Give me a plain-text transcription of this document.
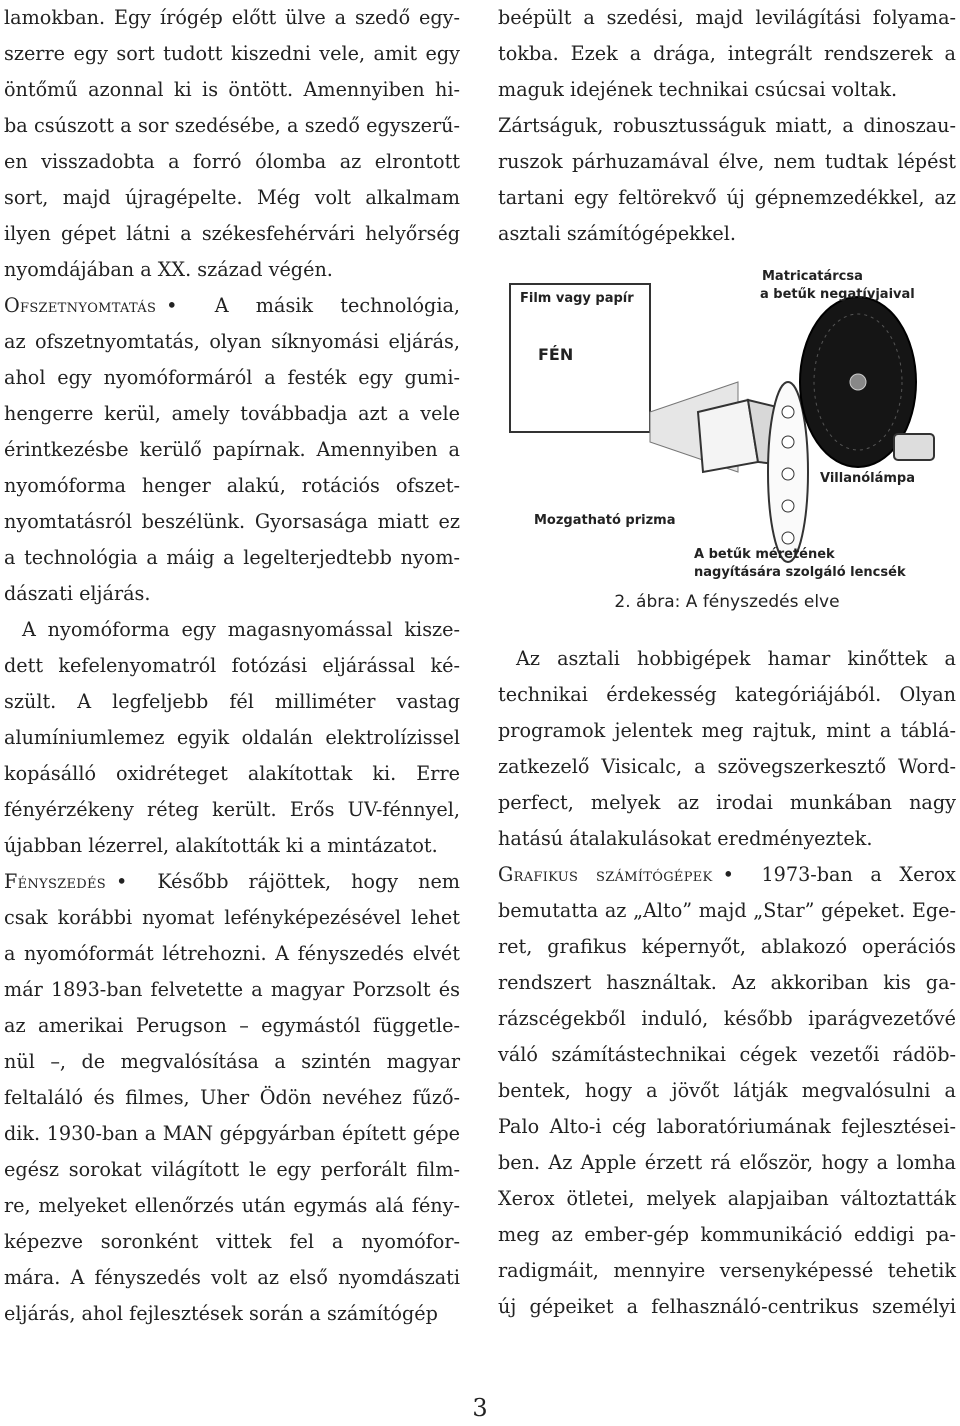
lamokban. Egy írógép előtt ülve a szedő egy-
szerre egy sort tudott kiszedni vele, amit egy
öntőmű azonnal ki is öntött. Amennyiben hi-
ba csúszott a sor szedésébe, a szedő egyszerű-
en visszadobta a forró ólomba az elrontott
sort, majd újragépelte. Még volt alkalmam
ilyen gépet látni a székesfehérvári helyőrség
nyomdájában a XX. század végén.
Ofszetnyomtatás • A másik technológia,
az ofszetnyomtatás, olyan síknyomási eljárás,
ahol egy nyomóformáról a festék egy gumi-
hengerre kerül, amely továbbadja azt a vele
érintkezésbe kerülő papírnak. Amennyiben a
nyomóforma henger alakú, rotációs ofszet-
nyomtatásról beszélünk. Gyorsasága miatt ez
a technológia a máig a legelterjedtebb nyom-
dászati eljárás.
A nyomóforma egy magasnyomással kisze-
dett kefelenyomatról fotózási eljárással ké-
szült. A legfeljebb fél milliméter vastag
alumíniumlemez egyik oldalán elektrolízissel
kopásálló oxidréteget alakítottak ki. Erre
fényérzékeny réteg került. Erős UV-fénnyel,
újabban lézerrel, alakították ki a mintázatot.
Fényszedés • Később rájöttek, hogy nem
csak korábbi nyomat lefényképezésével lehet
a nyomóformát létrehozni. A fényszedés elvét
már 1893-ban felvetette a magyar Porzsolt és
az amerikai Perugson – egymástól függetle-
nül –, de megvalósítása a szintén magyar
feltaláló és filmes, Uher Ödön nevéhez fűző-
dik. 1930-ban a MAN gépgyárban épített gépe
egész sorokat világított le egy perforált film-
re, melyeket ellenőrzés után egymás alá fény-
képezve soronként vittek fel a nyomófor-
mára. A fényszedés volt az első nyomdászati
eljárás, ahol fejlesztések során a számítógép
beépült a szedési, majd levilágítási folyama-
tokba. Ezek a drága, integrált rendszerek a
maguk idejének technikai csúcsai voltak.
Zártságuk, robusztusságuk miatt, a dinoszau-
ruszok párhuzamával élve, nem tudtak lépést
tartani egy feltörekvő új gépnemzedékkel, az
asztali számítógépekkel.
Az asztali hobbigépek hamar kinőttek a
technikai érdekesség kategóriájából. Olyan
programok jelentek meg rajtuk, mint a táblá-
zatkezelő Visicalc, a szövegszerkesztő Word-
perfect, melyek az irodai munkában nagy
hatású átalakulásokat eredményeztek.
Grafikus számítógépek • 1973-ban a Xerox
bemutatta az „Alto” majd „Star” gépeket. Ege-
ret, grafikus képernyőt, ablakozó operációs
rendszert használtak. Az akkoriban kis ga-
rázscégekből induló, később iparágvezetővé
váló számítástechnikai cégek vezetői rádöb-
bentek, hogy a jövőt látják megvalósulni a
Palo Alto-i cég laboratóriumának fejlesztései-
ben. Az Apple érzett rá először, hogy a lomha
Xerox ötletei, melyek alapjaiban változtatták
meg az ember-gép kommunikáció eddigi pa-
radigmáit, mennyire versenyképessé tehetik
új gépeiket a felhasználó-centrikus személyi
Film vagy papír
FÉN
Matricatárcsa
a betűk negatívjaival
Villanólámpa
Mozgatható prizma
A betűk méretének
nagyítására szolgáló lencsék
2. ábra: A fényszedés elve
3
